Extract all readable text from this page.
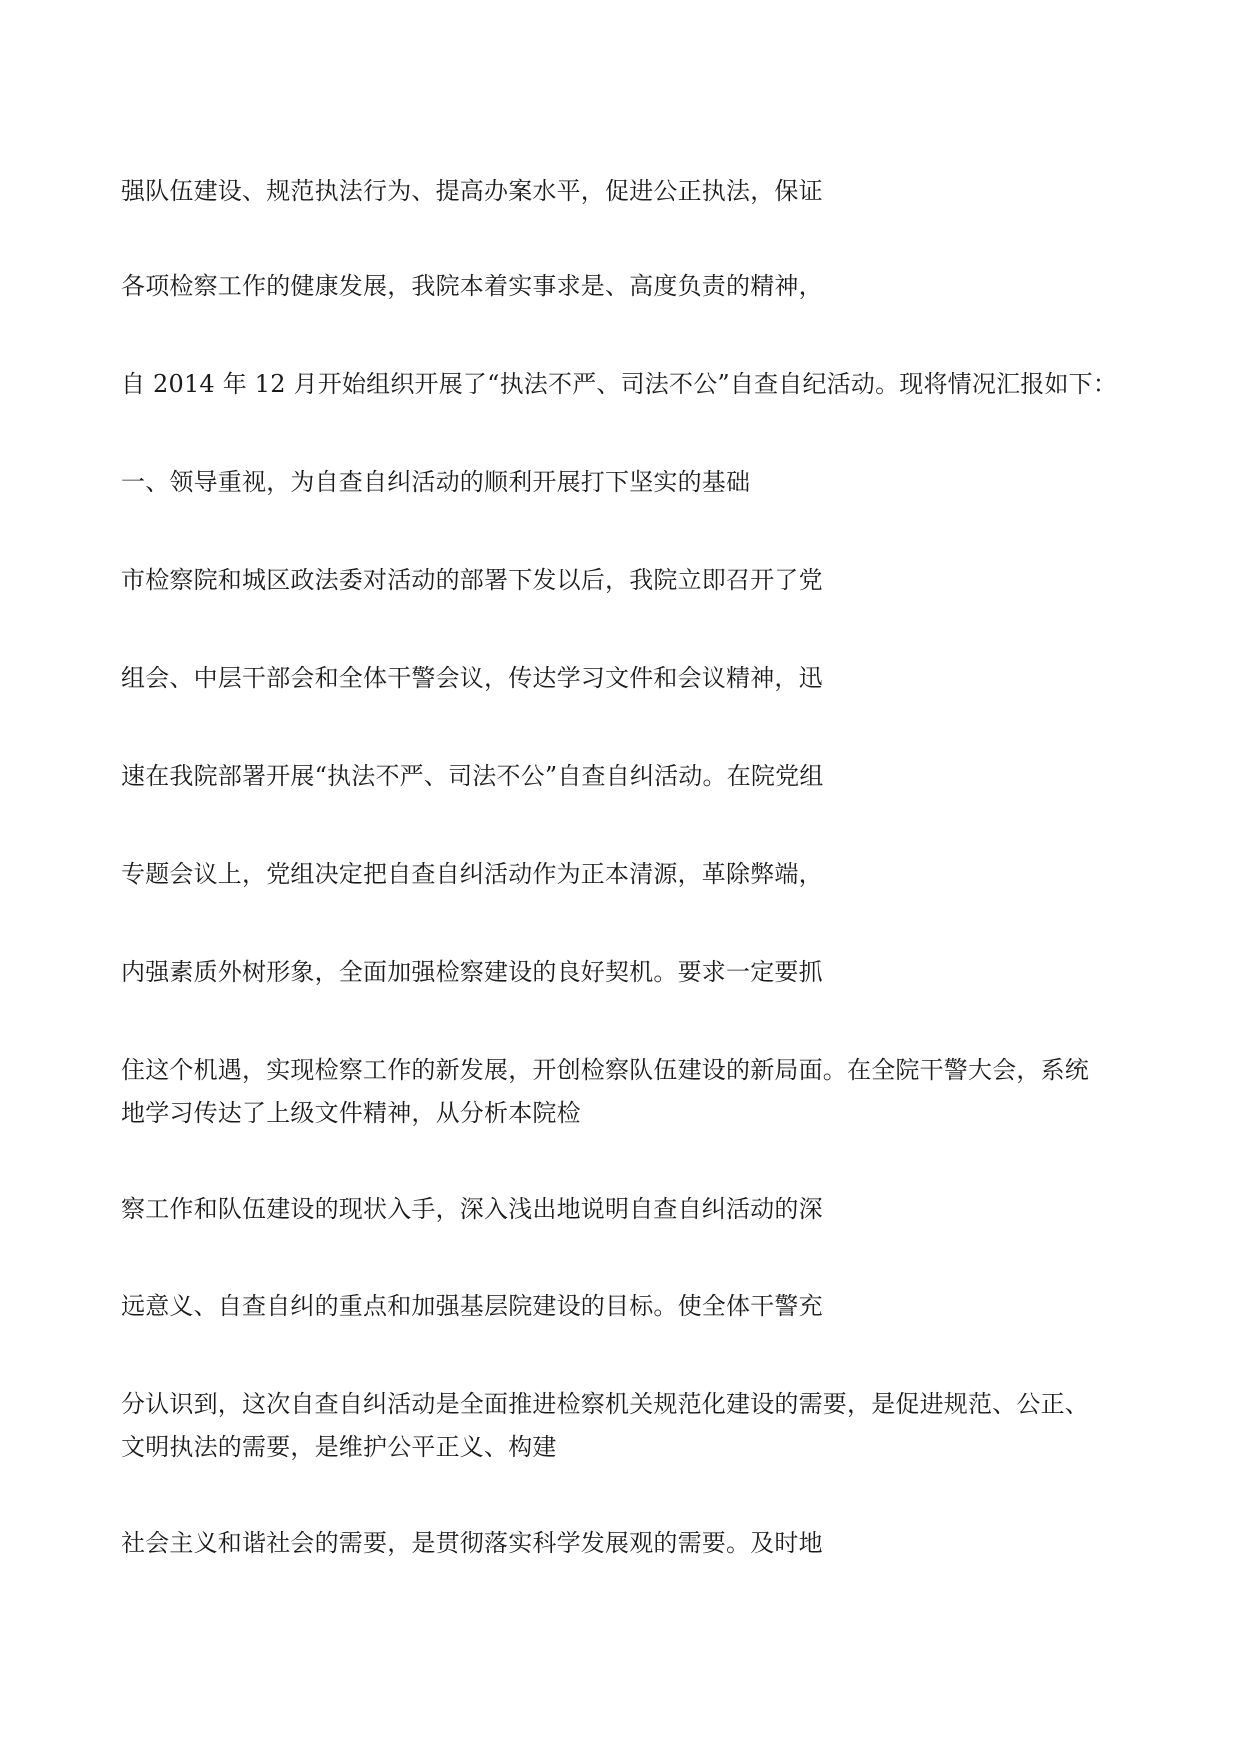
强队伍建设、规范执法行为、提高办案水平，促进公正执法，保证
各项检察工作的健康发展，我院本着实事求是、高度负责的精神，
自 2014 年 12 月开始组织开展了“执法不严、司法不公”自查自纪活动。现将情况汇报如下：
一、领导重视，为自查自纠活动的顺利开展打下坚实的基础
市检察院和城区政法委对活动的部署下发以后，我院立即召开了党
组会、中层干部会和全体干警会议，传达学习文件和会议精神，迅
速在我院部署开展“执法不严、司法不公”自查自纠活动。在院党组
专题会议上，党组决定把自查自纠活动作为正本清源，革除弊端，
内强素质外树形象，全面加强检察建设的良好契机。要求一定要抓
住这个机遇，实现检察工作的新发展，开创检察队伍建设的新局面。在全院干警大会，系统
地学习传达了上级文件精神，从分析本院检
察工作和队伍建设的现状入手，深入浅出地说明自查自纠活动的深
远意义、自查自纠的重点和加强基层院建设的目标。使全体干警充
分认识到，这次自查自纠活动是全面推进检察机关规范化建设的需要，是促进规范、公正、
文明执法的需要，是维护公平正义、构建
社会主义和谐社会的需要，是贯彻落实科学发展观的需要。及时地
